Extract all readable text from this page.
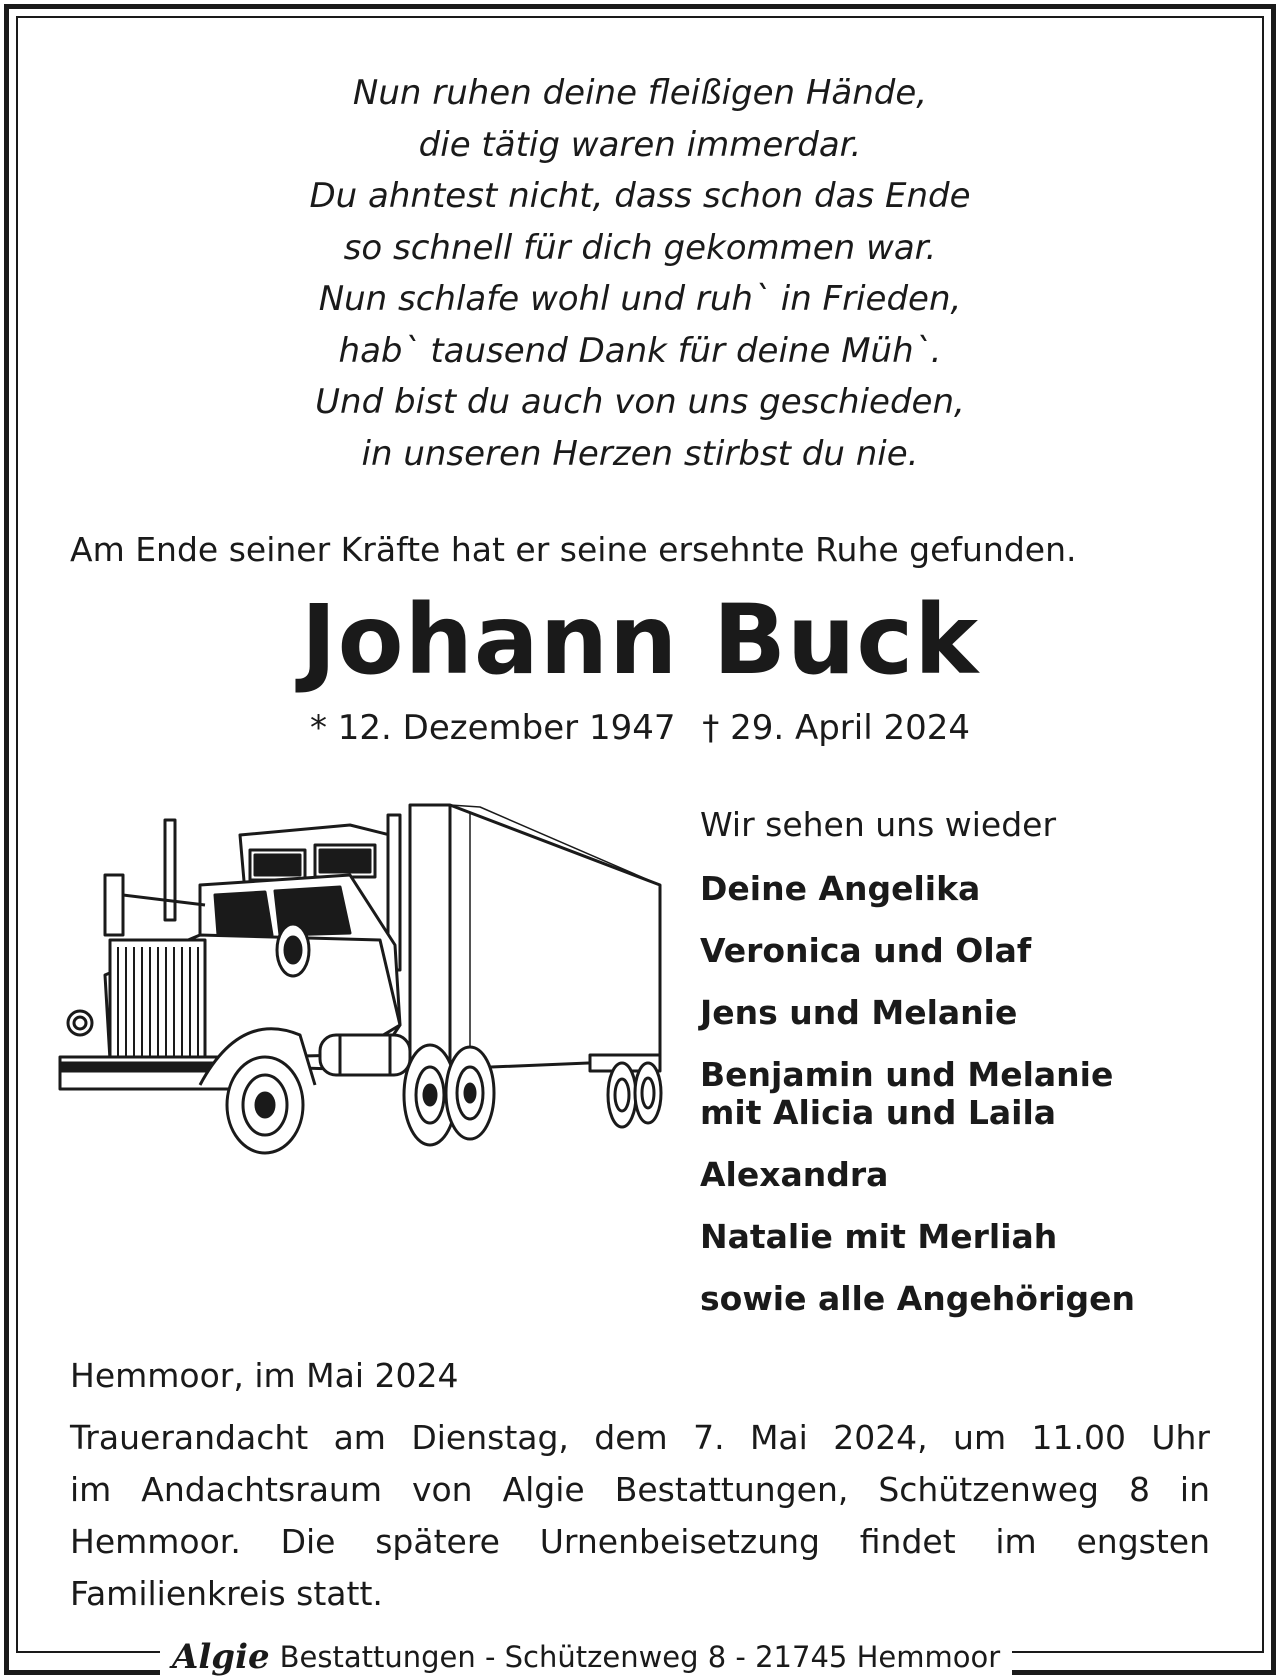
Nun ruhen deine fleißigen Hände,
die tätig waren immerdar.
Du ahntest nicht, dass schon das Ende
so schnell für dich gekommen war.
Nun schlafe wohl und ruh` in Frieden,
hab` tausend Dank für deine Müh`.
Und bist du auch von uns geschieden,
in unseren Herzen stirbst du nie.
Am Ende seiner Kräfte hat er seine ersehnte Ruhe gefunden.
Johann Buck
* 12. Dezember 1947 † 29. April 2024
Wir sehen uns wieder
Deine Angelika
Veronica und Olaf
Jens und Melanie
Benjamin und Melanie
mit Alicia und Laila
Alexandra
Natalie mit Merliah
sowie alle Angehörigen
Hemmoor, im Mai 2024
Trauerandacht am Dienstag, dem 7. Mai 2024, um 11.00 Uhr
im Andachtsraum von Algie Bestattungen, Schützenweg 8 in
Hemmoor. Die spätere Urnenbeisetzung findet im engsten
Familienkreis statt.
Algie Bestattungen - Schützenweg 8 - 21745 Hemmoor
